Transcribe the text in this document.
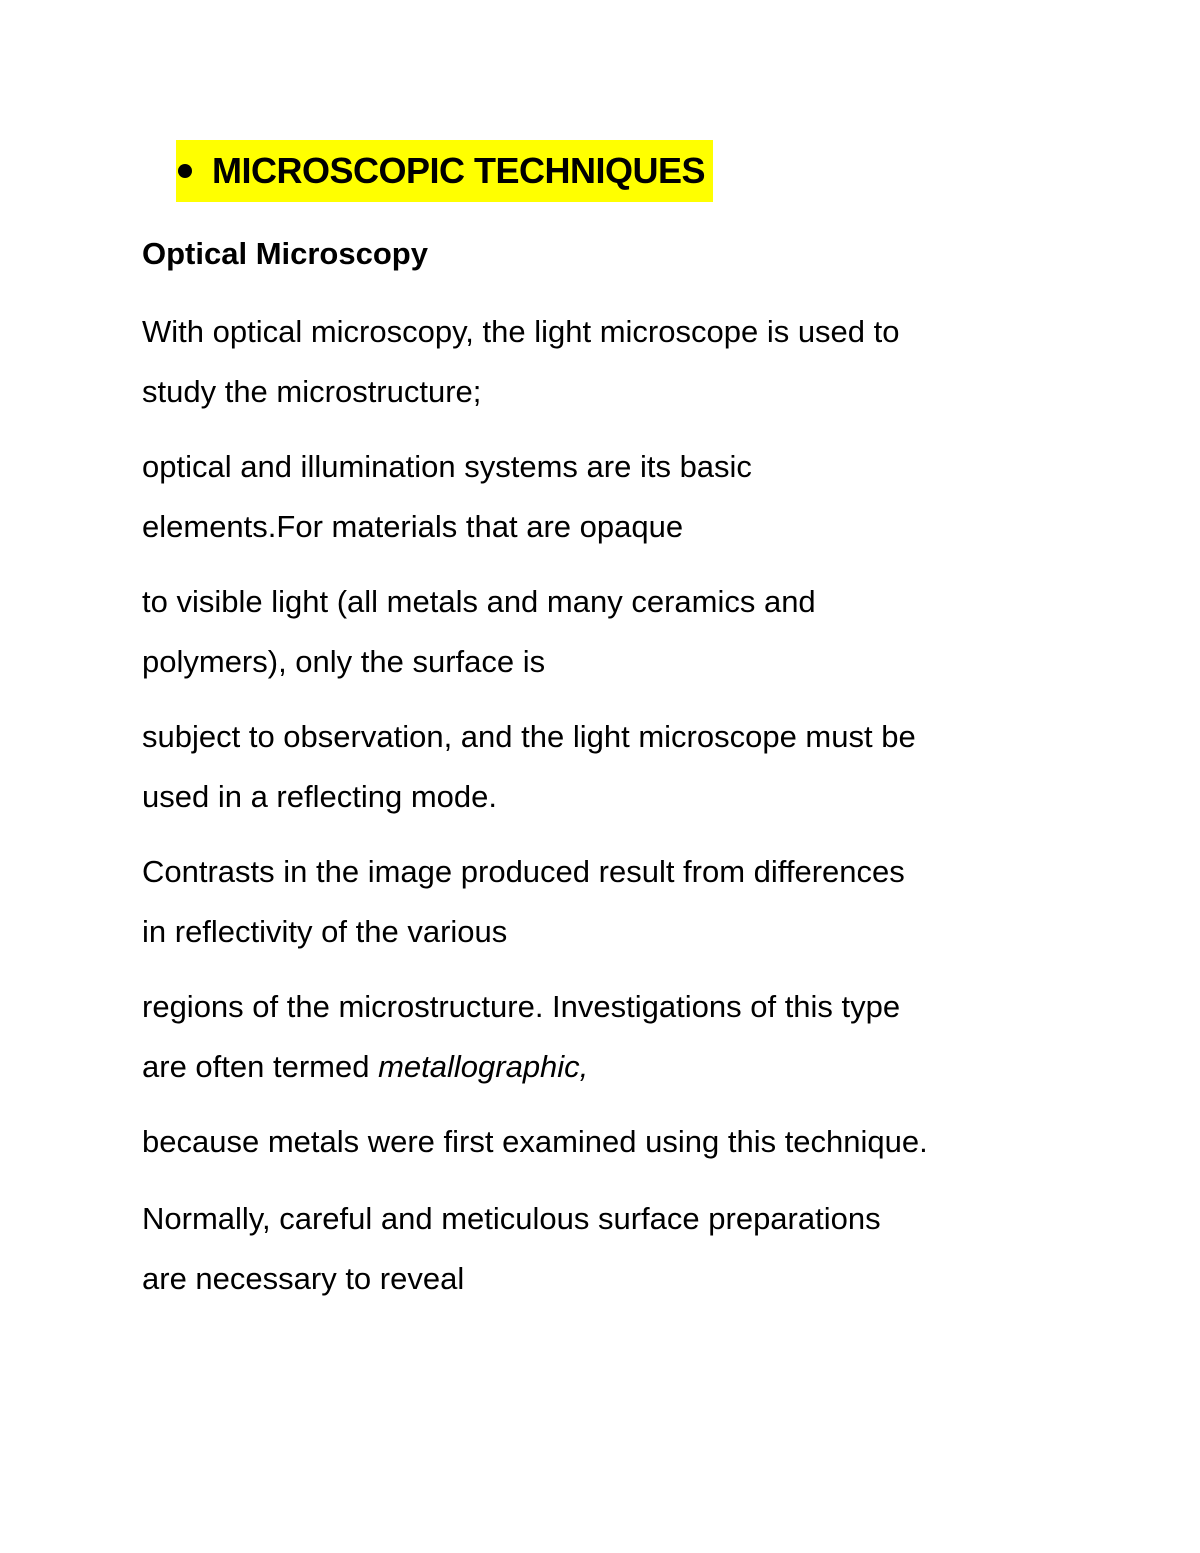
MICROSCOPIC TECHNIQUES
Optical Microscopy

With optical microscopy, the light microscope is used to
study the microstructure;

optical and illumination systems are its basic
elements.For materials that are opaque

to visible light (all metals and many ceramics and
polymers), only the surface is

subject to observation, and the light microscope must be
used in a reflecting mode.

Contrasts in the image produced result from differences
in reflectivity of the various

regions of the microstructure. Investigations of this type
are often termed metallographic,

because metals were first examined using this technique.

Normally, careful and meticulous surface preparations
are necessary to reveal
